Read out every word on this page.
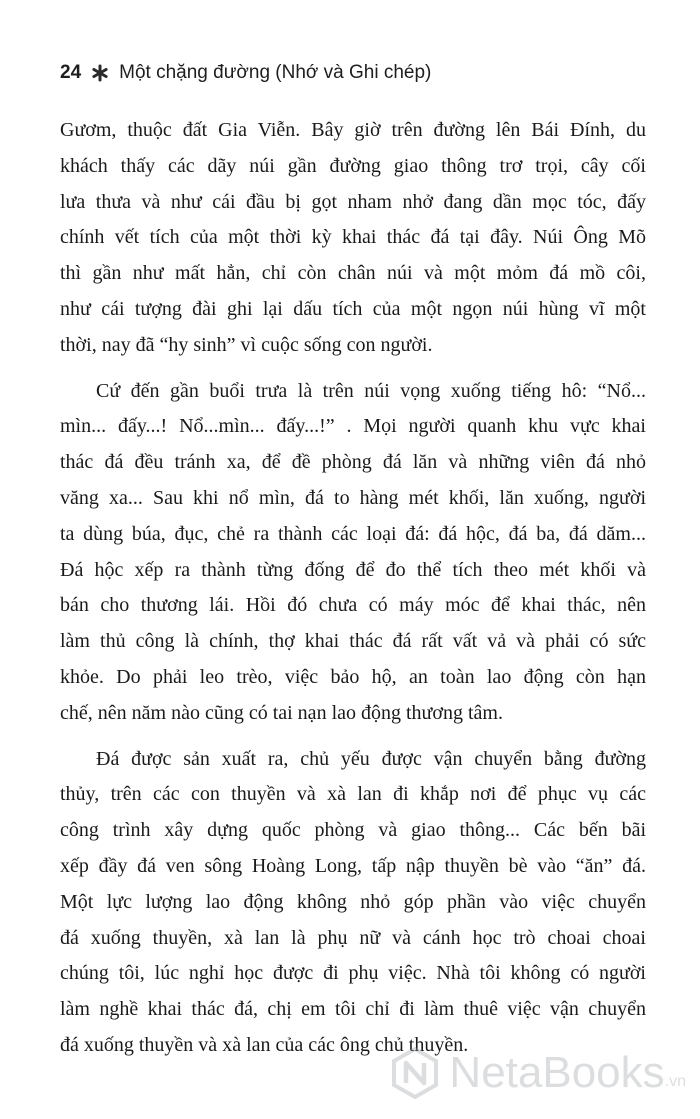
24 Một chặng đường (Nhớ và Ghi chép)
Gươm, thuộc đất Gia Viễn. Bây giờ trên đường lên Bái Đính, du
khách thấy các dãy núi gần đường giao thông trơ trọi, cây cối
lưa thưa và như cái đầu bị gọt nham nhở đang dần mọc tóc, đấy
chính vết tích của một thời kỳ khai thác đá tại đây. Núi Ông Mõ
thì gần như mất hẳn, chỉ còn chân núi và một mỏm đá mồ côi,
như cái tượng đài ghi lại dấu tích của một ngọn núi hùng vĩ một
thời, nay đã “hy sinh” vì cuộc sống con người.
Cứ đến gần buổi trưa là trên núi vọng xuống tiếng hô: “Nổ...
mìn... đấy...! Nổ...mìn... đấy...!” . Mọi người quanh khu vực khai
thác đá đều tránh xa, để đề phòng đá lăn và những viên đá nhỏ
văng xa... Sau khi nổ mìn, đá to hàng mét khối, lăn xuống, người
ta dùng búa, đục, chẻ ra thành các loại đá: đá hộc, đá ba, đá dăm...
Đá hộc xếp ra thành từng đống để đo thể tích theo mét khối và
bán cho thương lái. Hồi đó chưa có máy móc để khai thác, nên
làm thủ công là chính, thợ khai thác đá rất vất vả và phải có sức
khỏe. Do phải leo trèo, việc bảo hộ, an toàn lao động còn hạn
chế, nên năm nào cũng có tai nạn lao động thương tâm.
Đá được sản xuất ra, chủ yếu được vận chuyển bằng đường
thủy, trên các con thuyền và xà lan đi khắp nơi để phục vụ các
công trình xây dựng quốc phòng và giao thông... Các bến bãi
xếp đầy đá ven sông Hoàng Long, tấp nập thuyền bè vào “ăn” đá.
Một lực lượng lao động không nhỏ góp phần vào việc chuyển
đá xuống thuyền, xà lan là phụ nữ và cánh học trò choai choai
chúng tôi, lúc nghỉ học được đi phụ việc. Nhà tôi không có người
làm nghề khai thác đá, chị em tôi chỉ đi làm thuê việc vận chuyển
đá xuống thuyền và xà lan của các ông chủ thuyền.
NetaBooks .vn
